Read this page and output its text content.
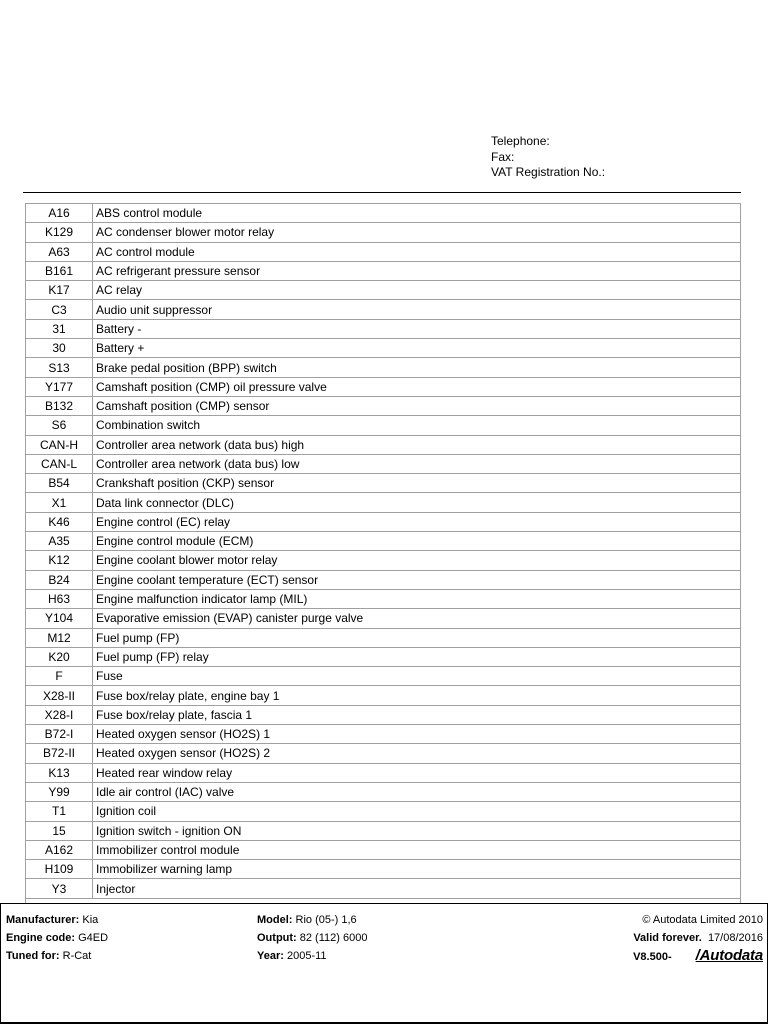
Telephone:
Fax:
VAT Registration No.:
A16	ABS control module
K129	AC condenser blower motor relay
A63	AC control module
B161	AC refrigerant pressure sensor
K17	AC relay
C3	Audio unit suppressor
31	Battery -
30	Battery +
S13	Brake pedal position (BPP) switch
Y177	Camshaft position (CMP) oil pressure valve
B132	Camshaft position (CMP) sensor
S6	Combination switch
CAN-H	Controller area network (data bus) high
CAN-L	Controller area network (data bus) low
B54	Crankshaft position (CKP) sensor
X1	Data link connector (DLC)
K46	Engine control (EC) relay
A35	Engine control module (ECM)
K12	Engine coolant blower motor relay
B24	Engine coolant temperature (ECT) sensor
H63	Engine malfunction indicator lamp (MIL)
Y104	Evaporative emission (EVAP) canister purge valve
M12	Fuel pump (FP)
K20	Fuel pump (FP) relay
F	Fuse
X28-II	Fuse box/relay plate, engine bay 1
X28-I	Fuse box/relay plate, fascia 1
B72-I	Heated oxygen sensor (HO2S) 1
B72-II	Heated oxygen sensor (HO2S) 2
K13	Heated rear window relay
Y99	Idle air control (IAC) valve
T1	Ignition coil
15	Ignition switch - ignition ON
A162	Immobilizer control module
H109	Immobilizer warning lamp
Y3	Injector
Manufacturer: Kia
Engine code: G4ED
Tuned for: R-Cat
Model: Rio (05-) 1,6
Output: 82 (112) 6000
Year: 2005-11
© Autodata Limited 2010
Valid forever. 17/08/2016
V8.500- /Autodata
